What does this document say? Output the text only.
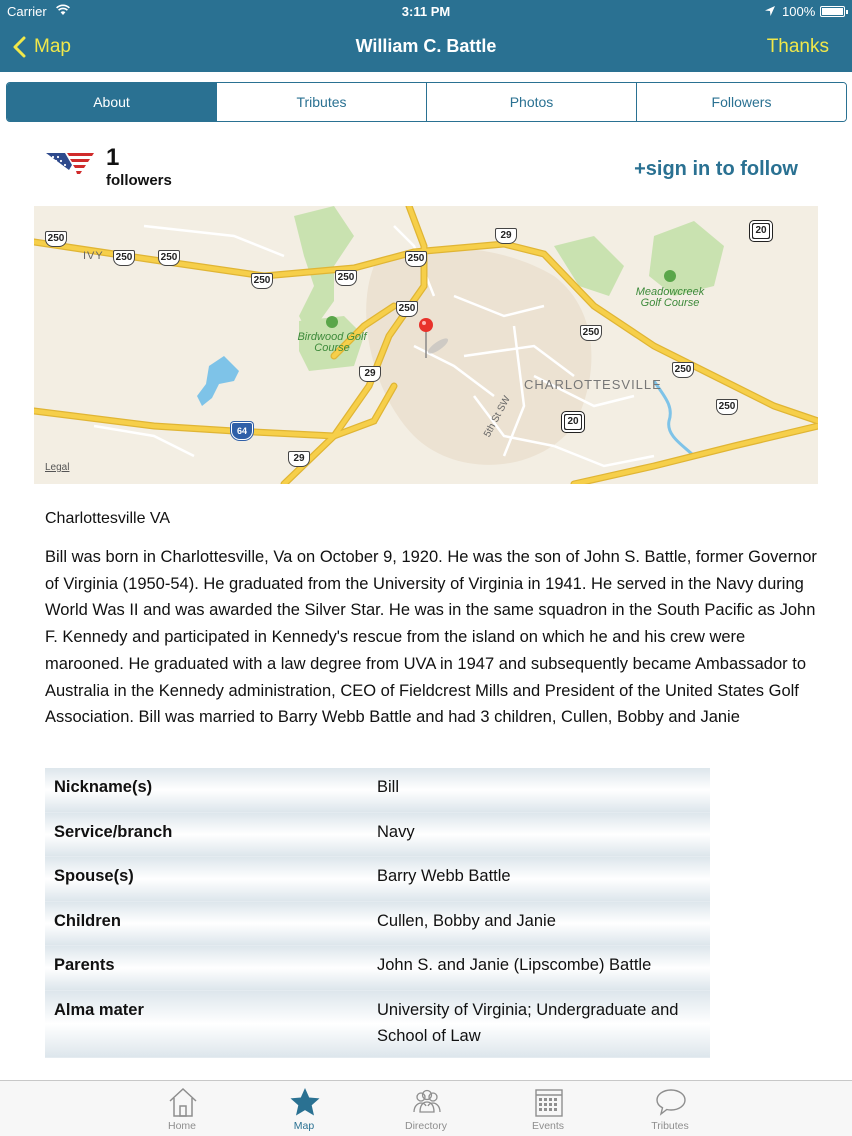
Carrier	3:11 PM	100%
Map	William C. Battle	Thanks
About	Tributes	Photos	Followers
1
followers
+sign in to follow
IVY
Birdwood Golf Course
Meadowcreek Golf Course
CHARLOTTESVILLE
5th St SW
250
250	250
250	250
250
250
250
250
250
29
29
29
64
20
20
Legal
Charlottesville VA
Bill was born in Charlottesville, Va on October 9, 1920. He was the son of John S. Battle, former Governor of Virginia (1950-54). He graduated from the University of Virginia in 1941. He served in the Navy during World Was II and was awarded the Silver Star. He was in the same squadron in the South Pacific as John F. Kennedy and participated in Kennedy's rescue from the island on which he and his crew were marooned. He graduated with a law degree from UVA in 1947 and subsequently became Ambassador to Australia in the Kennedy administration, CEO of Fieldcrest Mills and President of the United States Golf Association. Bill was married to Barry Webb Battle and had 3 children, Cullen, Bobby and Janie
Nickname(s)	Bill
Service/branch	Navy
Spouse(s)	Barry Webb Battle
Children	Cullen, Bobby and Janie
Parents	John S. and Janie (Lipscombe) Battle
Alma mater	University of Virginia; Undergraduate and School of Law
Home	Map	Directory	Events	Tributes
